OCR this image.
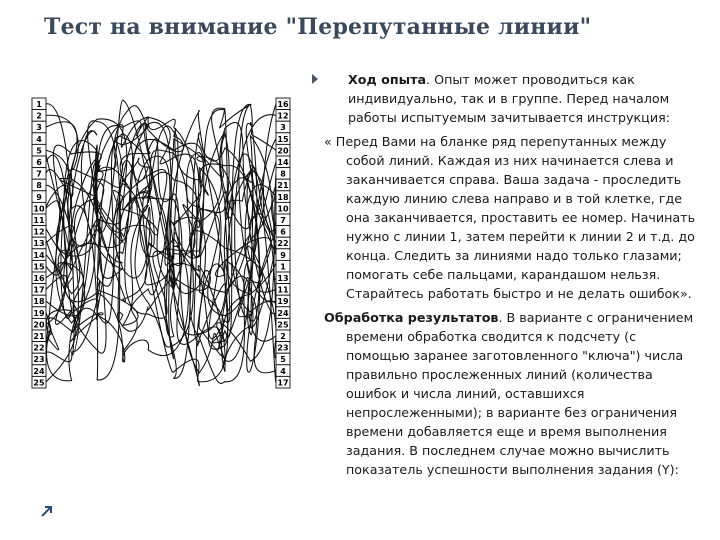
Тест на внимание "Перепутанные линии"
1
2
3
4
5
6
7
8
9
10
11
12
13
14
15
16
17
18
19
20
21
22
23
24
25
16
12
3
15
20
14
8
21
18
10
7
6
22
9
1
13
11
19
24
25
2
23
5
4
17
Ход опыта. Опыт может проводиться как индивидуально, так и в группе. Перед началом работы испытуемым зачитывается инструкция:
« Перед Вами на бланке ряд перепутанных между собой линий. Каждая из них начинается слева и заканчивается справа. Ваша задача ‑ проследить каждую линию слева направо и в той клетке, где она заканчивается, проставить ее номер. Начинать нужно с линии 1, затем перейти к линии 2 и т.д. до конца. Следить за линиями надо только глазами; помогать себе пальцами, карандашом нельзя. Старайтесь работать быстро и не делать ошибок».
Обработка результатов. В варианте с ограничением времени обработка сводится к подсчету (с помощью заранее заготовленного "ключа") числа правильно прослеженных линий (количества ошибок и числа линий, оставшихся непрослеженными); в варианте без ограничения времени добавляется еще и время выполнения задания. В последнем случае можно вычислить показатель успешности выполнения задания (Y):
